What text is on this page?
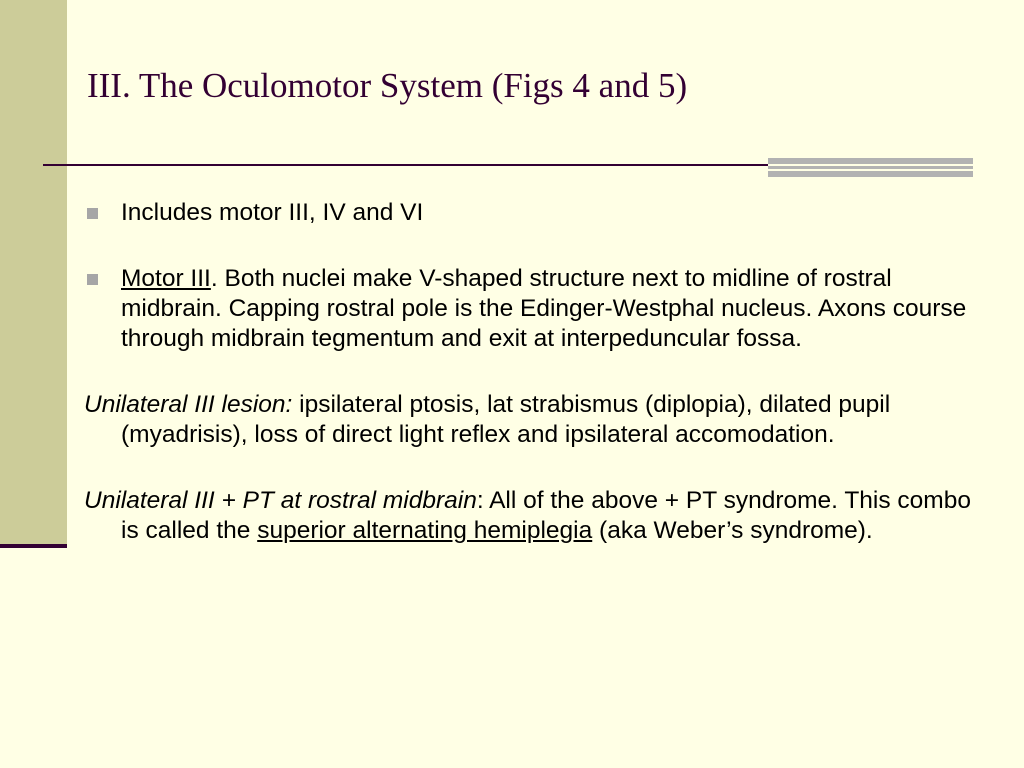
III. The Oculomotor System (Figs 4 and 5)
Includes motor III, IV and VI
Motor III. Both nuclei make V-shaped structure next to midline of rostral midbrain. Capping rostral pole is the Edinger-Westphal nucleus. Axons course through midbrain tegmentum and exit at interpeduncular fossa.
Unilateral III lesion: ipsilateral ptosis, lat strabismus (diplopia), dilated pupil (myadrisis), loss of direct light reflex and ipsilateral accomodation.
Unilateral III + PT at rostral midbrain: All of the above + PT syndrome. This combo is called the superior alternating hemiplegia (aka Weber’s syndrome).
